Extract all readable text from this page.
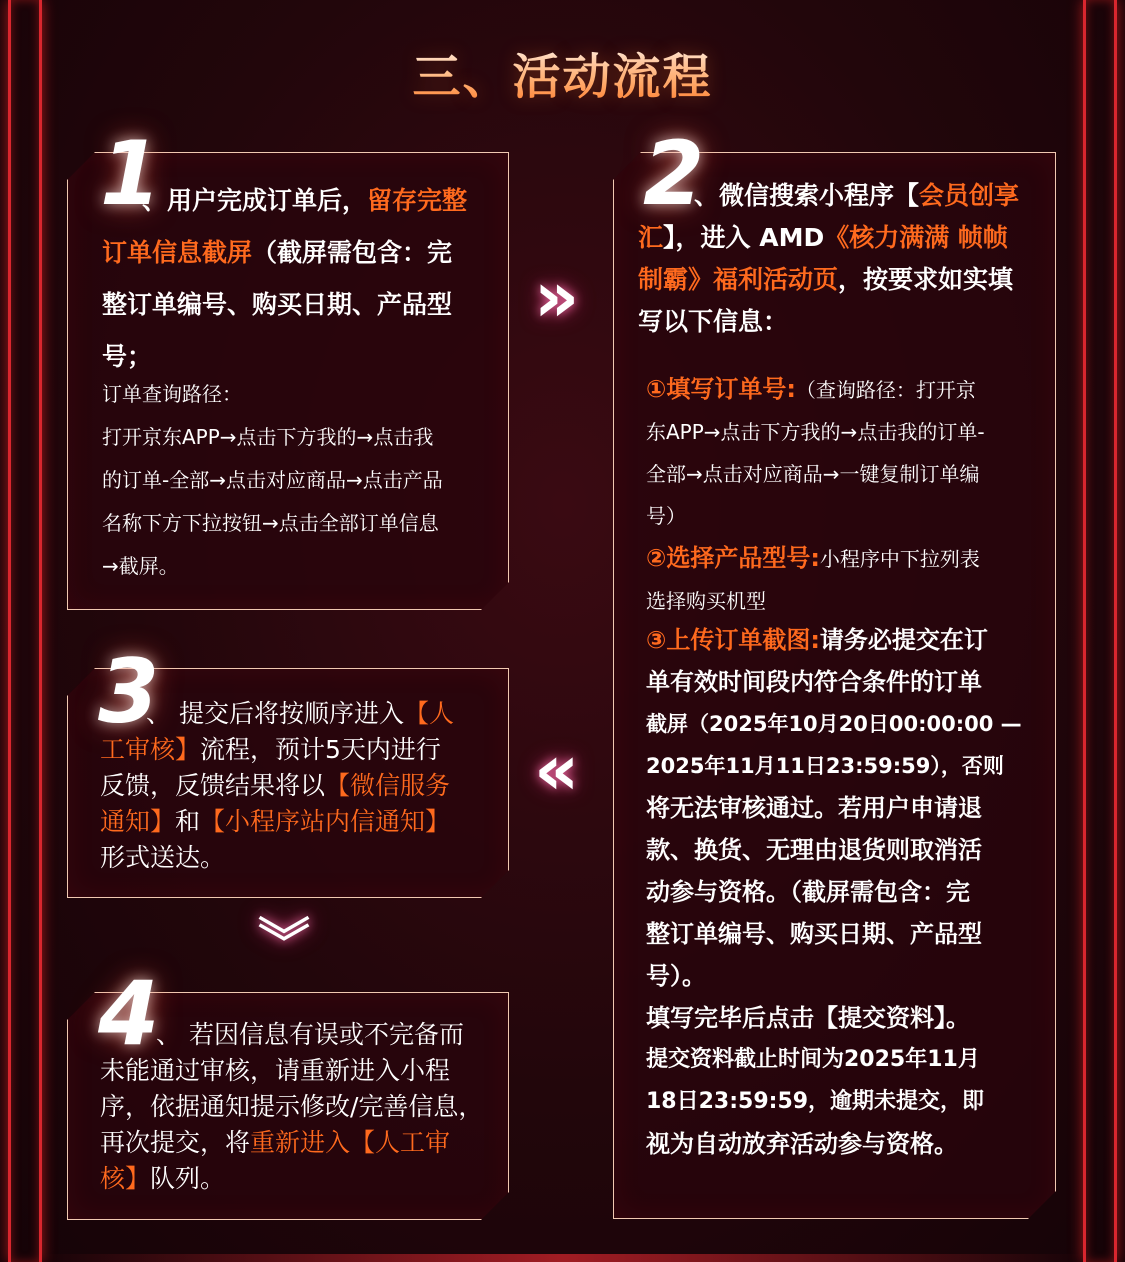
三、活动流程
1
、用户完成订单后，留存完整
订单信息截屏（截屏需包含：完
整订单编号、购买日期、产品型
号；
订单查询路径：
打开京东APP→点击下方我的→点击我
的订单-全部→点击对应商品→点击产品
名称下方下拉按钮→点击全部订单信息
→截屏。
2
、微信搜索小程序【会员创享
汇】，进入 AMD《核力满满 帧帧
制霸》福利活动页，按要求如实填
写以下信息：
①填写订单号:（查询路径：打开京
东APP→点击下方我的→点击我的订单-
全部→点击对应商品→一键复制订单编
号）
②选择产品型号:小程序中下拉列表
选择购买机型
③上传订单截图:请务必提交在订
单有效时间段内符合条件的订单
截屏（2025年10月20日00:00:00 —
2025年11月11日23:59:59），否则
将无法审核通过。若用户申请退
款、换货、无理由退货则取消活
动参与资格。（截屏需包含：完
整订单编号、购买日期、产品型
号）。
填写完毕后点击【提交资料】。
提交资料截止时间为2025年11月
18日23:59:59，逾期未提交，即
视为自动放弃活动参与资格。
3
、 提交后将按顺序进入【人
工审核】流程，预计5天内进行
反馈，反馈结果将以【微信服务
通知】和【小程序站内信通知】
形式送达。
4
、 若因信息有误或不完备而
未能通过审核，请重新进入小程
序，依据通知提示修改/完善信息，
再次提交，将重新进入【人工审
核】队列。
»
«
︾
